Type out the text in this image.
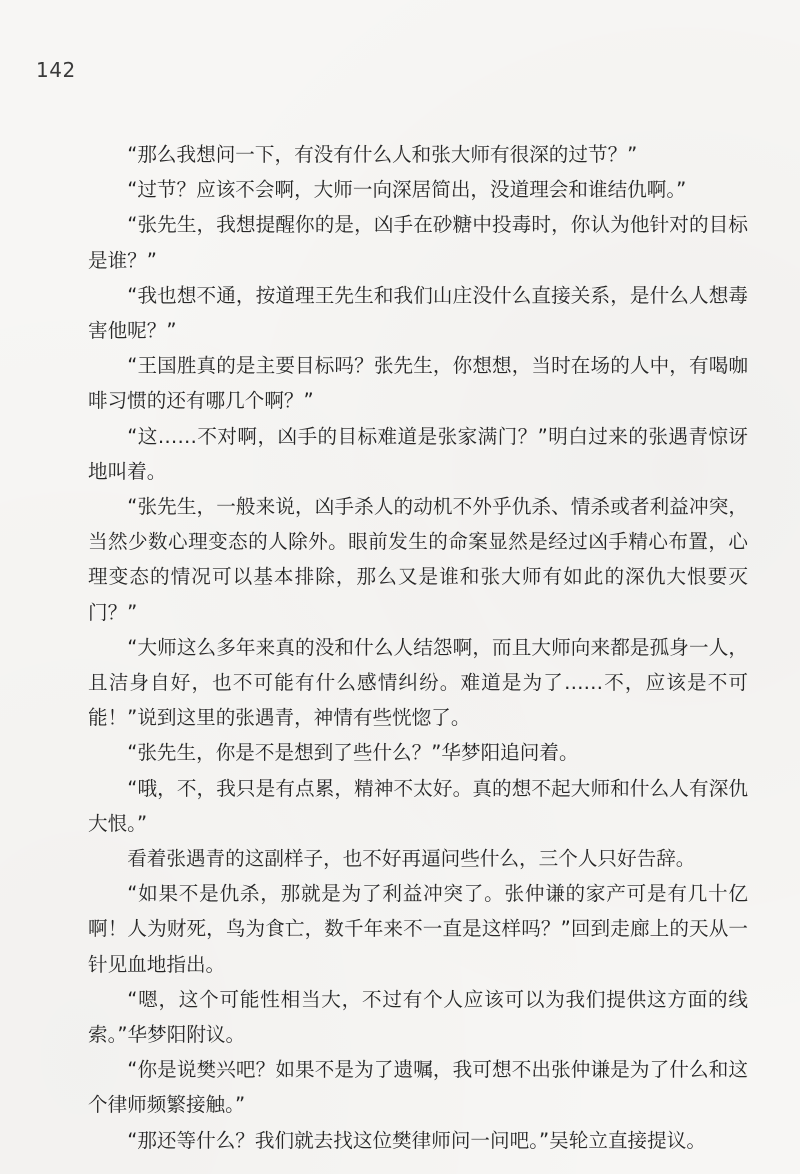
142

“那么我想问一下，有没有什么人和张大师有很深的过节？”

“过节？应该不会啊，大师一向深居简出，没道理会和谁结仇啊。”

“张先生，我想提醒你的是，凶手在砂糖中投毒时，你认为他针对的目标是谁？”

“我也想不通，按道理王先生和我们山庄没什么直接关系，是什么人想毒害他呢？”

“王国胜真的是主要目标吗？张先生，你想想，当时在场的人中，有喝咖啡习惯的还有哪几个啊？”

“这……不对啊，凶手的目标难道是张家满门？”明白过来的张遇青惊讶地叫着。

“张先生，一般来说，凶手杀人的动机不外乎仇杀、情杀或者利益冲突，当然少数心理变态的人除外。眼前发生的命案显然是经过凶手精心布置，心理变态的情况可以基本排除，那么又是谁和张大师有如此的深仇大恨要灭门？”

“大师这么多年来真的没和什么人结怨啊，而且大师向来都是孤身一人，且洁身自好，也不可能有什么感情纠纷。难道是为了……不，应该是不可能！”说到这里的张遇青，神情有些恍惚了。

“张先生，你是不是想到了些什么？”华梦阳追问着。

“哦，不，我只是有点累，精神不太好。真的想不起大师和什么人有深仇大恨。”

看着张遇青的这副样子，也不好再逼问些什么，三个人只好告辞。

“如果不是仇杀，那就是为了利益冲突了。张仲谦的家产可是有几十亿啊！人为财死，鸟为食亡，数千年来不一直是这样吗？”回到走廊上的天从一针见血地指出。

“嗯，这个可能性相当大，不过有个人应该可以为我们提供这方面的线索。”华梦阳附议。

“你是说樊兴吧？如果不是为了遗嘱，我可想不出张仲谦是为了什么和这个律师频繁接触。”

“那还等什么？我们就去找这位樊律师问一问吧。”吴轮立直接提议。
